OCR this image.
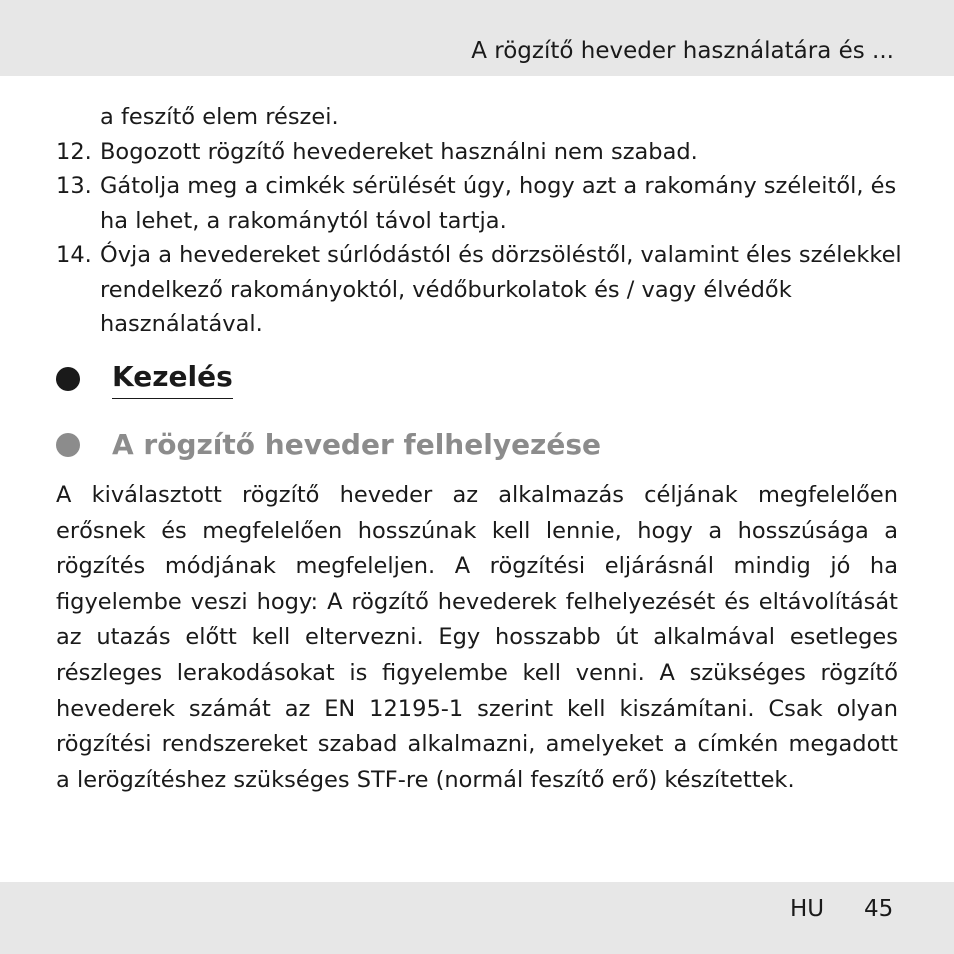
A rögzítő heveder használatára és ...
a feszítő elem részei.
12. Bogozott rögzítő hevedereket használni nem szabad.
13. Gátolja meg a cimkék sérülését úgy, hogy azt a rakomány széleitől, és ha lehet, a rakománytól távol tartja.
14. Óvja a hevedereket súrlódástól és dörzsöléstől, valamint éles szélekkel rendelkező rakományoktól, védőburkolatok és / vagy élvédők használatával.
Kezelés
A rögzítő heveder felhelyezése

A kiválasztott rögzítő heveder az alkalmazás céljának megfelelően erősnek és megfelelően hosszúnak kell lennie, hogy a hosszúsága a rögzítés módjának megfeleljen. A rögzítési eljárásnál mindig jó ha figyelembe veszi hogy: A rögzítő hevederek felhelyezését és eltávolítását az utazás előtt kell eltervezni. Egy hosszabb út alkalmával esetleges részleges lerakodásokat is figyelembe kell venni. A szükséges rögzítő hevederek számát az EN 12195-1 szerint kell kiszámítani. Csak olyan rögzítési rendszereket szabad alkalmazni, amelyeket a címkén megadott a lerögzítéshez szükséges STF-re (normál feszítő erő) készítettek.

HU 45
